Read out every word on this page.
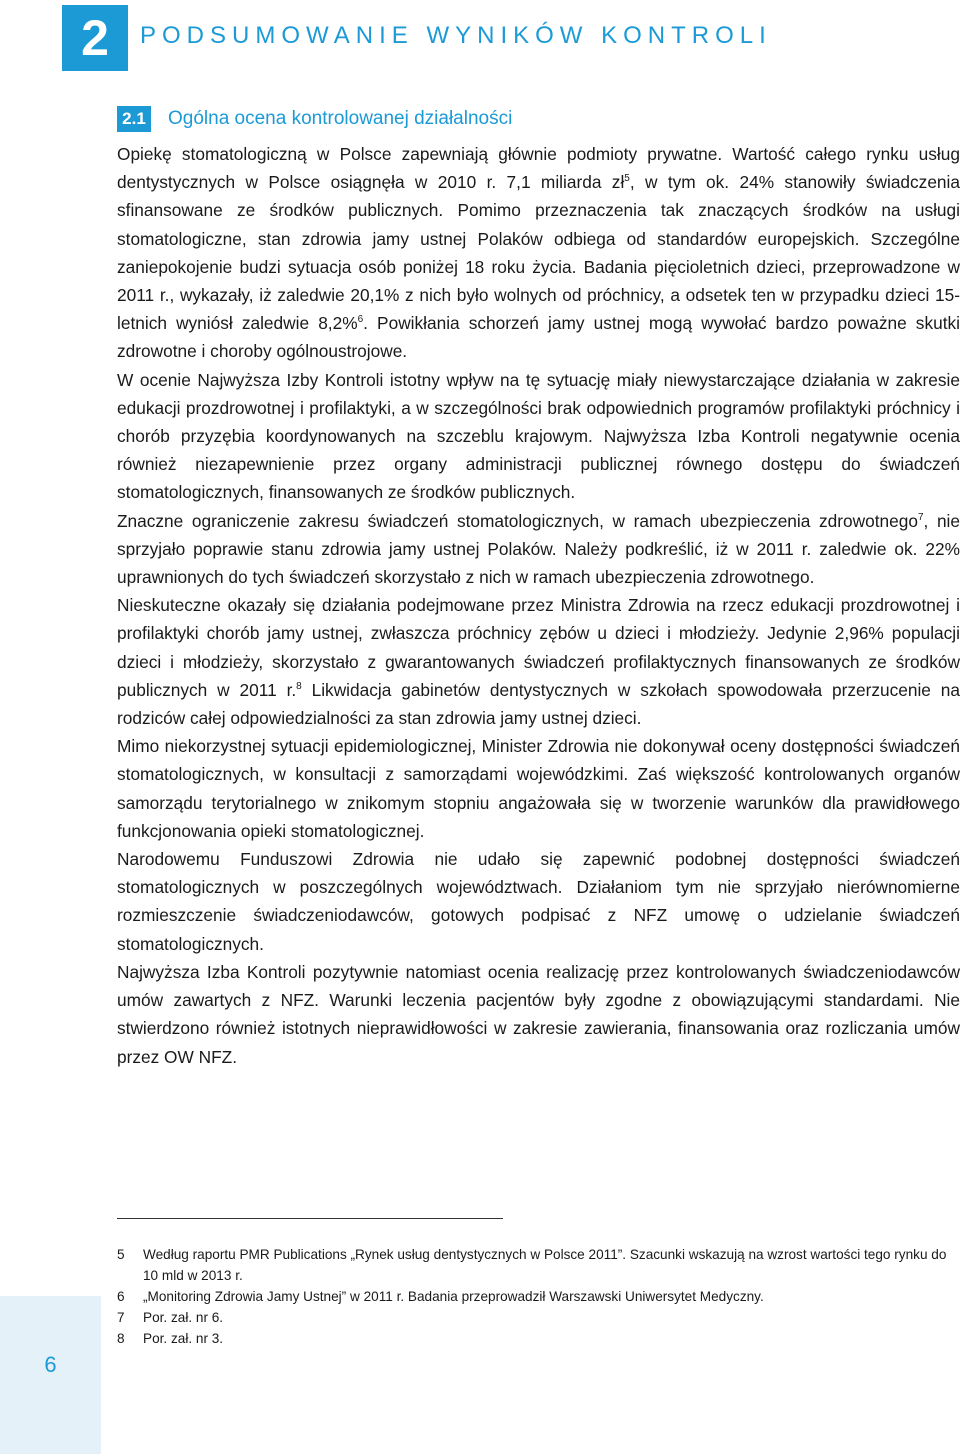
2	PODSUMOWANIE WYNIKÓW KONTROLI
2.1 Ogólna ocena kontrolowanej działalności

Opiekę stomatologiczną w Polsce zapewniają głównie podmioty prywatne. Wartość całego rynku usług dentystycznych w Polsce osiągnęła w 2010 r. 7,1 miliarda $zł^5$, w tym ok. 24% stanowiły świadczenia sfinansowane ze środków publicznych. Pomimo przeznaczenia tak znaczących środków na usługi stomatologiczne, stan zdrowia jamy ustnej Polaków odbiega od standardów europejskich. Szczególne zaniepokojenie budzi sytuacja osób poniżej 18 roku życia. Badania pięcioletnich dzieci, przeprowadzone w 2011 r., wykazały, iż zaledwie 20,1% z nich było wolnych od próchnicy, a odsetek ten w przypadku dzieci 15-letnich wyniósł zaledwie 8,2%$^6$. Powikłania schorzeń jamy ustnej mogą wywołać bardzo poważne skutki zdrowotne i choroby ogólnoustrojowe.

W ocenie Najwyższa Izby Kontroli istotny wpływ na tę sytuację miały niewystarczające działania w zakresie edukacji prozdrowotnej i profilaktyki, a w szczególności brak odpowiednich programów profilaktyki próchnicy i chorób przyzębia koordynowanych na szczeblu krajowym. Najwyższa Izba Kontroli negatywnie ocenia również niezapewnienie przez organy administracji publicznej równego dostępu do świadczeń stomatologicznych, finansowanych ze środków publicznych.

Znaczne ograniczenie zakresu świadczeń stomatologicznych, w ramach ubezpieczenia zdrowotnego$^7$, nie sprzyjało poprawie stanu zdrowia jamy ustnej Polaków. Należy podkreślić, iż w 2011 r. zaledwie ok. 22% uprawnionych do tych świadczeń skorzystało z nich w ramach ubezpieczenia zdrowotnego.

Nieskuteczne okazały się działania podejmowane przez Ministra Zdrowia na rzecz edukacji prozdrowotnej i profilaktyki chorób jamy ustnej, zwłaszcza próchnicy zębów u dzieci i młodzieży. Jedynie 2,96% populacji dzieci i młodzieży, skorzystało z gwarantowanych świadczeń profilaktycznych finansowanych ze środków publicznych w 2011 r.$^8$ Likwidacja gabinetów dentystycznych w szkołach spowodowała przerzucenie na rodziców całej odpowiedzialności za stan zdrowia jamy ustnej dzieci.

Mimo niekorzystnej sytuacji epidemiologicznej, Minister Zdrowia nie dokonywał oceny dostępności świadczeń stomatologicznych, w konsultacji z samorządami wojewódzkimi. Zaś większość kontrolowanych organów samorządu terytorialnego w znikomym stopniu angażowała się w tworzenie warunków dla prawidłowego funkcjonowania opieki stomatologicznej.

Narodowemu Funduszowi Zdrowia nie udało się zapewnić podobnej dostępności świadczeń stomatologicznych w poszczególnych województwach. Działaniom tym nie sprzyjało nierównomierne rozmieszczenie świadczeniodawców, gotowych podpisać z NFZ umowę o udzielanie świadczeń stomatologicznych.

Najwyższa Izba Kontroli pozytywnie natomiast ocenia realizację przez kontrolowanych świadczeniodawców umów zawartych z NFZ. Warunki leczenia pacjentów były zgodne z obowiązującymi standardami. Nie stwierdzono również istotnych nieprawidłowości w zakresie zawierania, finansowania oraz rozliczania umów przez OW NFZ.

5	Według raportu PMR Publications „Rynek usług dentystycznych w Polsce 2011”. Szacunki wskazują na wzrost wartości tego rynku do 10 mld w 2013 r.
6	„Monitoring Zdrowia Jamy Ustnej” w 2011 r. Badania przeprowadził Warszawski Uniwersytet Medyczny.
7	Por. zał. nr 6.
8	Por. zał. nr 3.
6
